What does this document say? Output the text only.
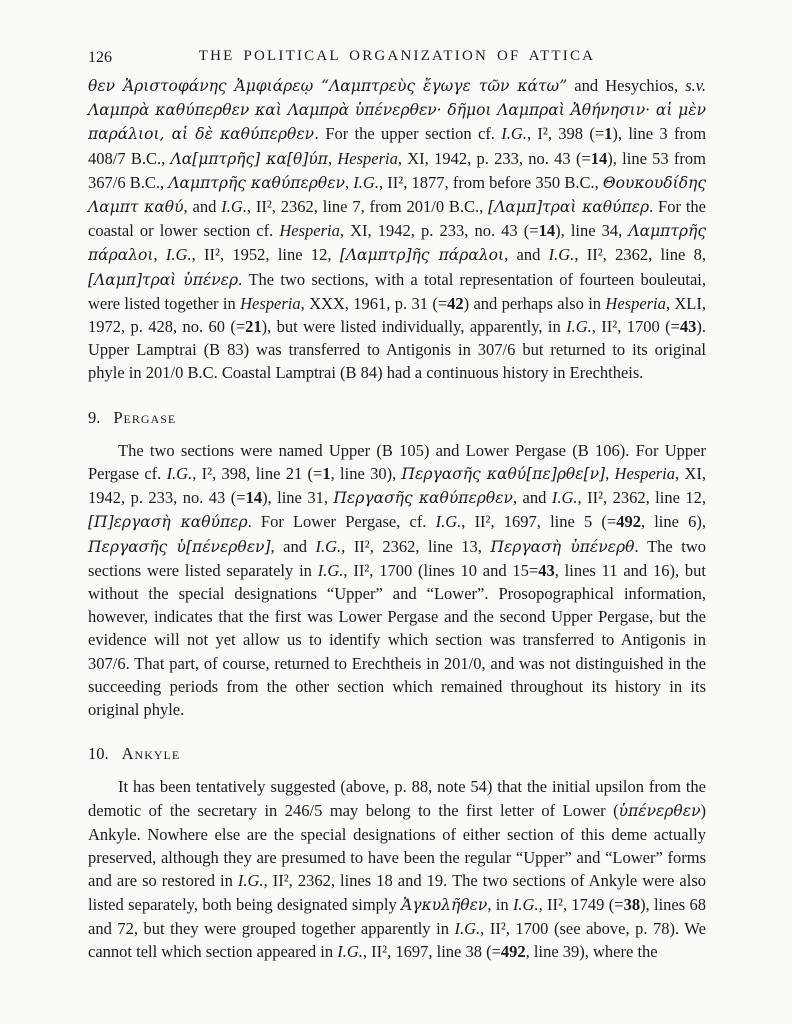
126	THE POLITICAL ORGANIZATION OF ATTICA

θεν Ἀριστοφάνης Ἀμφιάρεῳ “Λαμπτρεὺς ἔγωγε τῶν κάτω” and Hesychios, s.v. Λαμπρὰ καθύπερθεν καὶ Λαμπρὰ ὑπένερθεν· δῆμοι Λαμπραὶ Ἀθήνησιν· αἱ μὲν παράλιοι, αἱ δὲ καθύπερθεν. For the upper section cf. I.G., I², 398 (=1), line 3 from 408/7 B.C., Λα[μπτρῆς] κα[θ]ύπ, Hesperia, XI, 1942, p. 233, no. 43 (=14), line 53 from 367/6 B.C., Λαμπτρῆς καθύπερθεν, I.G., II², 1877, from before 350 B.C., Θουκουδίδης Λαμπτ καθύ, and I.G., II², 2362, line 7, from 201/0 B.C., [Λαμπ]τραὶ καθύπερ. For the coastal or lower section cf. Hesperia, XI, 1942, p. 233, no. 43 (=14), line 34, Λαμπτρῆς πάραλοι, I.G., II², 1952, line 12, [Λαμπτρ]ῆς πάραλοι, and I.G., II², 2362, line 8, [Λαμπ]τραὶ ὑπένερ. The two sections, with a total representation of fourteen bouleutai, were listed together in Hesperia, XXX, 1961, p. 31 (=42) and perhaps also in Hesperia, XLI, 1972, p. 428, no. 60 (=21), but were listed individually, apparently, in I.G., II², 1700 (=43). Upper Lamptrai (B 83) was transferred to Antigonis in 307/6 but returned to its original phyle in 201/0 B.C. Coastal Lamptrai (B 84) had a continuous history in Erechtheis.

9. Pergase

The two sections were named Upper (B 105) and Lower Pergase (B 106). For Upper Pergase cf. I.G., I², 398, line 21 (=1, line 30), Περγασῆς καθύ[πε]ρθε[ν], Hesperia, XI, 1942, p. 233, no. 43 (=14), line 31, Περγασῆς καθύπερθεν, and I.G., II², 2362, line 12, [Π]εργασὴ καθύπερ. For Lower Pergase, cf. I.G., II², 1697, line 5 (=492, line 6), Περγασῆς ὑ[πένερθεν], and I.G., II², 2362, line 13, Περγασὴ ὑπένερθ. The two sections were listed separately in I.G., II², 1700 (lines 10 and 15=43, lines 11 and 16), but without the special designations “Upper” and “Lower”. Prosopographical information, however, indicates that the first was Lower Pergase and the second Upper Pergase, but the evidence will not yet allow us to identify which section was transferred to Antigonis in 307/6. That part, of course, returned to Erechtheis in 201/0, and was not distinguished in the succeeding periods from the other section which remained throughout its history in its original phyle.

10. Ankyle

It has been tentatively suggested (above, p. 88, note 54) that the initial upsilon from the demotic of the secretary in 246/5 may belong to the first letter of Lower (ὑπένερθεν) Ankyle. Nowhere else are the special designations of either section of this deme actually preserved, although they are presumed to have been the regular “Upper” and “Lower” forms and are so restored in I.G., II², 2362, lines 18 and 19. The two sections of Ankyle were also listed separately, both being designated simply Ἀγκυλῆθεν, in I.G., II², 1749 (=38), lines 68 and 72, but they were grouped together apparently in I.G., II², 1700 (see above, p. 78). We cannot tell which section appeared in I.G., II², 1697, line 38 (=492, line 39), where the
